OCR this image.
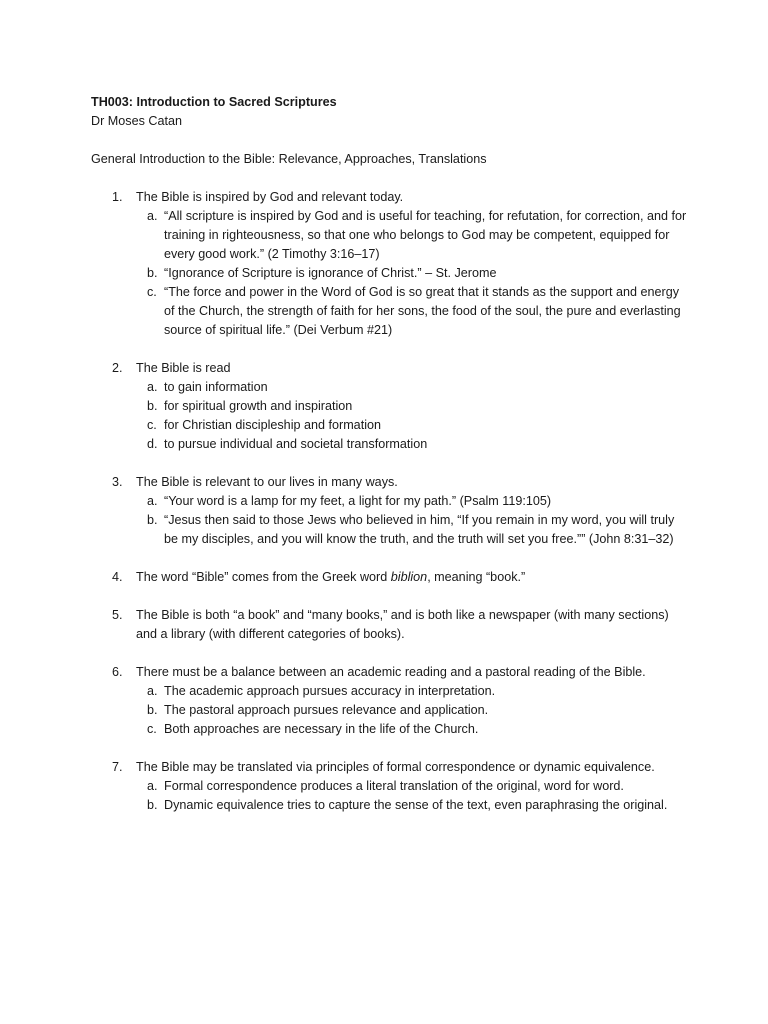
TH003: Introduction to Sacred Scriptures

Dr Moses Catan

General Introduction to the Bible: Relevance, Approaches, Translations

1. The Bible is inspired by God and relevant today.
a. “All scripture is inspired by God and is useful for teaching, for refutation, for correction, and for training in righteousness, so that one who belongs to God may be competent, equipped for every good work.” (2 Timothy 3:16–17)
b. “Ignorance of Scripture is ignorance of Christ.” – St. Jerome
c. “The force and power in the Word of God is so great that it stands as the support and energy of the Church, the strength of faith for her sons, the food of the soul, the pure and everlasting source of spiritual life.” (Dei Verbum #21)
2. The Bible is read
a. to gain information
b. for spiritual growth and inspiration
c. for Christian discipleship and formation
d. to pursue individual and societal transformation
3. The Bible is relevant to our lives in many ways.
a. “Your word is a lamp for my feet, a light for my path.” (Psalm 119:105)
b. “Jesus then said to those Jews who believed in him, “If you remain in my word, you will truly be my disciples, and you will know the truth, and the truth will set you free.”” (John 8:31–32)
4. The word “Bible” comes from the Greek word biblion, meaning “book.”
5. The Bible is both “a book” and “many books,” and is both like a newspaper (with many sections) and a library (with different categories of books).
6. There must be a balance between an academic reading and a pastoral reading of the Bible.
a. The academic approach pursues accuracy in interpretation.
b. The pastoral approach pursues relevance and application.
c. Both approaches are necessary in the life of the Church.
7. The Bible may be translated via principles of formal correspondence or dynamic equivalence.
a. Formal correspondence produces a literal translation of the original, word for word.
b. Dynamic equivalence tries to capture the sense of the text, even paraphrasing the original.
